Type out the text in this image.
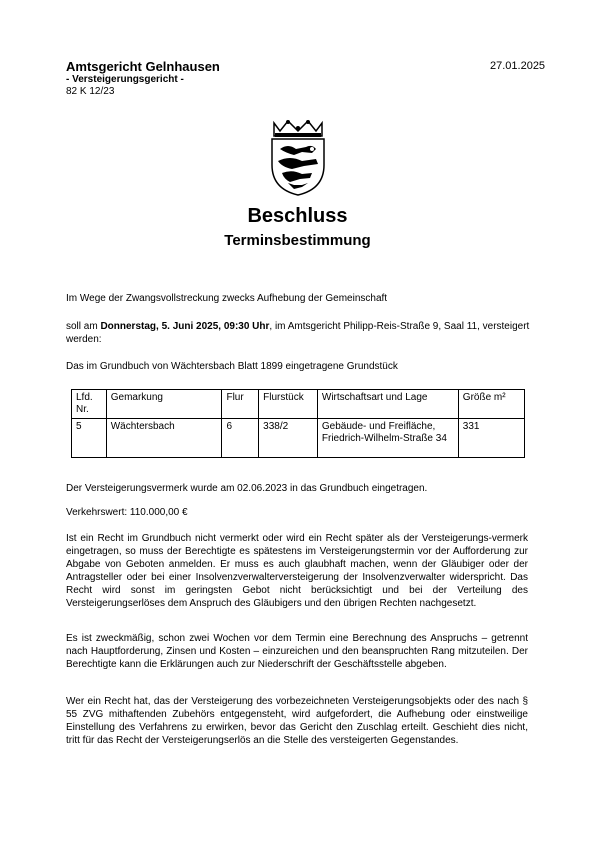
Amtsgericht Gelnhausen
- Versteigerungsgericht -
82 K 12/23
27.01.2025
Beschluss
Terminsbestimmung
Im Wege der Zwangsvollstreckung zwecks Aufhebung der Gemeinschaft
soll am Donnerstag, 5. Juni 2025, 09:30 Uhr, im Amtsgericht Philipp-Reis-Straße 9, Saal 11, versteigert werden:
Das im Grundbuch von Wächtersbach Blatt 1899 eingetragene Grundstück
Lfd. Nr.	Gemarkung	Flur	Flurstück	Wirtschaftsart und Lage	Größe m²
5	Wächtersbach	6	338/2	Gebäude- und Freifläche, Friedrich-Wilhelm-Straße 34	331
Der Versteigerungsvermerk wurde am 02.06.2023 in das Grundbuch eingetragen.
Verkehrswert: 110.000,00 €
Ist ein Recht im Grundbuch nicht vermerkt oder wird ein Recht später als der Versteigerungs-vermerk eingetragen, so muss der Berechtigte es spätestens im Versteigerungstermin vor der Aufforderung zur Abgabe von Geboten anmelden. Er muss es auch glaubhaft machen, wenn der Gläubiger oder der Antragsteller oder bei einer Insolvenzverwalterversteigerung der Insolvenzverwalter widerspricht. Das Recht wird sonst im geringsten Gebot nicht berücksichtigt und bei der Verteilung des Versteigerungserlöses dem Anspruch des Gläubigers und den übrigen Rechten nachgesetzt.
Es ist zweckmäßig, schon zwei Wochen vor dem Termin eine Berechnung des Anspruchs – getrennt nach Hauptforderung, Zinsen und Kosten – einzureichen und den beanspruchten Rang mitzuteilen. Der Berechtigte kann die Erklärungen auch zur Niederschrift der Geschäftsstelle abgeben.
Wer ein Recht hat, das der Versteigerung des vorbezeichneten Versteigerungsobjekts oder des nach § 55 ZVG mithaftenden Zubehörs entgegensteht, wird aufgefordert, die Aufhebung oder einstweilige Einstellung des Verfahrens zu erwirken, bevor das Gericht den Zuschlag erteilt. Geschieht dies nicht, tritt für das Recht der Versteigerungserlös an die Stelle des versteigerten Gegenstandes.
